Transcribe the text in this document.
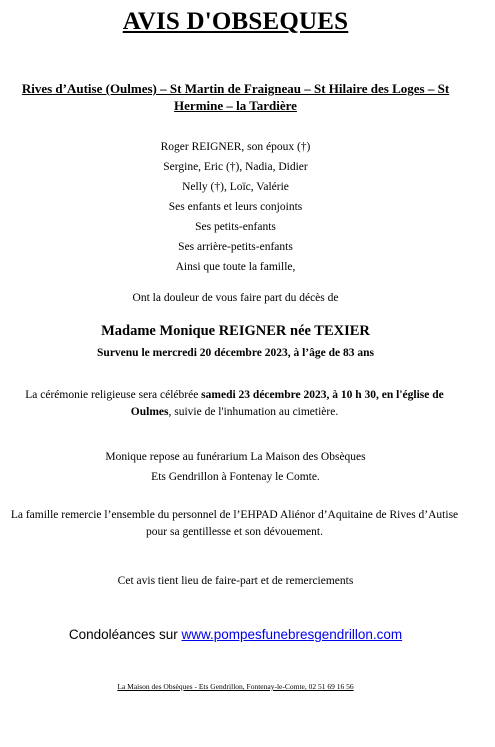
AVIS D'OBSEQUES
Rives d’Autise (Oulmes) – St Martin de Fraigneau – St Hilaire des Loges – St Hermine – la Tardière
Roger REIGNER, son époux (†)
Sergine, Eric (†), Nadia, Didier
Nelly (†), Loïc, Valérie
Ses enfants et leurs conjoints
Ses petits-enfants
Ses arrière-petits-enfants
Ainsi que toute la famille,
Ont la douleur de vous faire part du décès de
Madame Monique REIGNER née TEXIER
Survenu le mercredi 20 décembre 2023, à l’âge de 83 ans
La cérémonie religieuse sera célébrée samedi 23 décembre 2023, à 10 h 30, en l'église de Oulmes, suivie de l'inhumation au cimetière.
Monique repose au funérarium La Maison des Obsèques
Ets Gendrillon à Fontenay le Comte.
La famille remercie l’ensemble du personnel de l’EHPAD Aliénor d’Aquitaine de Rives d’Autise pour sa gentillesse et son dévouement.
Cet avis tient lieu de faire-part et de remerciements
Condoléances sur www.pompesfunebresgendrillon.com
La Maison des Obsèques - Ets Gendrillon, Fontenay-le-Comte, 02 51 69 16 56
